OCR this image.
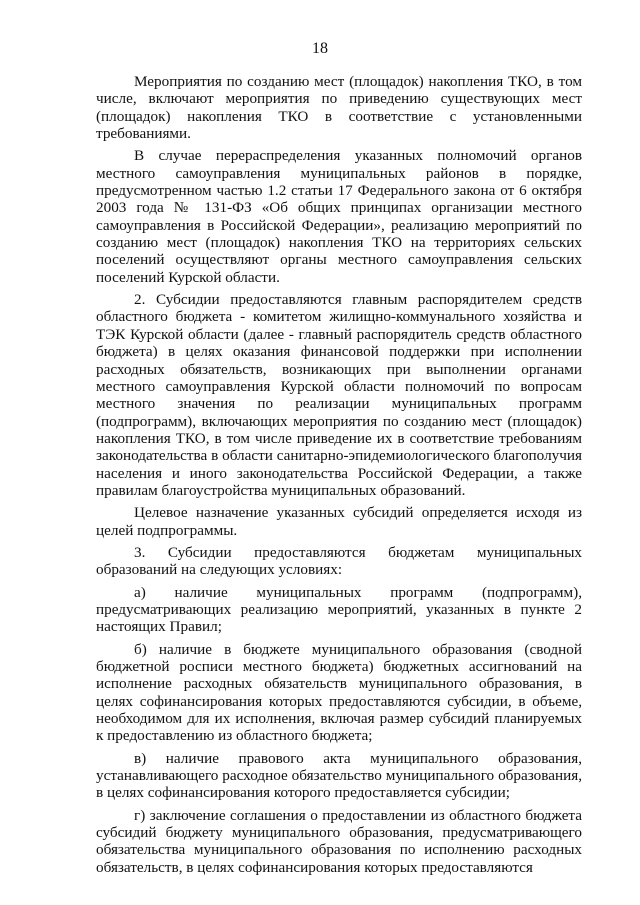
18

Мероприятия по созданию мест (площадок) накопления ТКО, в том числе, включают мероприятия по приведению существующих мест (площадок) накопления ТКО в соответствие с установленными требованиями.

В случае перераспределения указанных полномочий органов местного самоуправления муниципальных районов в порядке, предусмотренном частью 1.2 статьи 17 Федерального закона от 6 октября 2003 года № 131-ФЗ «Об общих принципах организации местного самоуправления в Российской Федерации», реализацию мероприятий по созданию мест (площадок) накопления ТКО на территориях сельских поселений осуществляют органы местного самоуправления сельских поселений Курской области.

2. Субсидии предоставляются главным распорядителем средств областного бюджета - комитетом жилищно-коммунального хозяйства и ТЭК Курской области (далее - главный распорядитель средств областного бюджета) в целях оказания финансовой поддержки при исполнении расходных обязательств, возникающих при выполнении органами местного самоуправления Курской области полномочий по вопросам местного значения по реализации муниципальных программ (подпрограмм), включающих мероприятия по созданию мест (площадок) накопления ТКО, в том числе приведение их в соответствие требованиям законодательства в области санитарно-эпидемиологического благополучия населения и иного законодательства Российской Федерации, а также правилам благоустройства муниципальных образований.

Целевое назначение указанных субсидий определяется исходя из целей подпрограммы.

3. Субсидии предоставляются бюджетам муниципальных образований на следующих условиях:

а) наличие муниципальных программ (подпрограмм), предусматривающих реализацию мероприятий, указанных в пункте 2 настоящих Правил;

б) наличие в бюджете муниципального образования (сводной бюджетной росписи местного бюджета) бюджетных ассигнований на исполнение расходных обязательств муниципального образования, в целях софинансирования которых предоставляются субсидии, в объеме, необходимом для их исполнения, включая размер субсидий планируемых к предоставлению из областного бюджета;

в) наличие правового акта муниципального образования, устанавливающего расходное обязательство муниципального образования, в целях софинансирования которого предоставляется субсидии;

г) заключение соглашения о предоставлении из областного бюджета субсидий бюджету муниципального образования, предусматривающего обязательства муниципального образования по исполнению расходных обязательств, в целях софинансирования которых предоставляются
